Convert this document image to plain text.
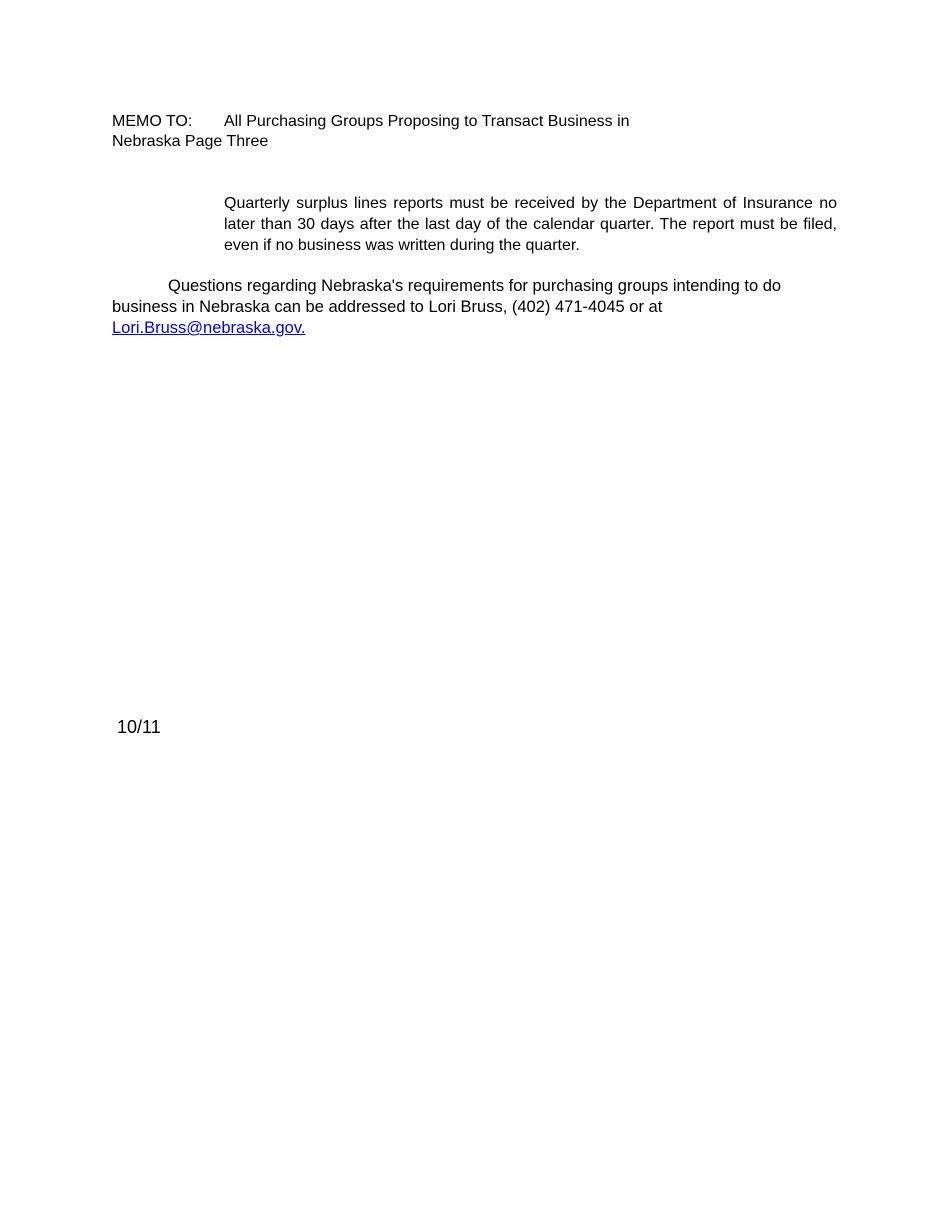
MEMO TO: All Purchasing Groups Proposing to Transact Business in
Nebraska Page Three

Quarterly surplus lines reports must be received by the Department of Insurance no later than 30 days after the last day of the calendar quarter. The report must be filed, even if no business was written during the quarter.

Questions regarding Nebraska's requirements for purchasing groups intending to do business in Nebraska can be addressed to Lori Bruss, (402) 471-4045 or at
Lori.Bruss@nebraska.gov.

10/11
